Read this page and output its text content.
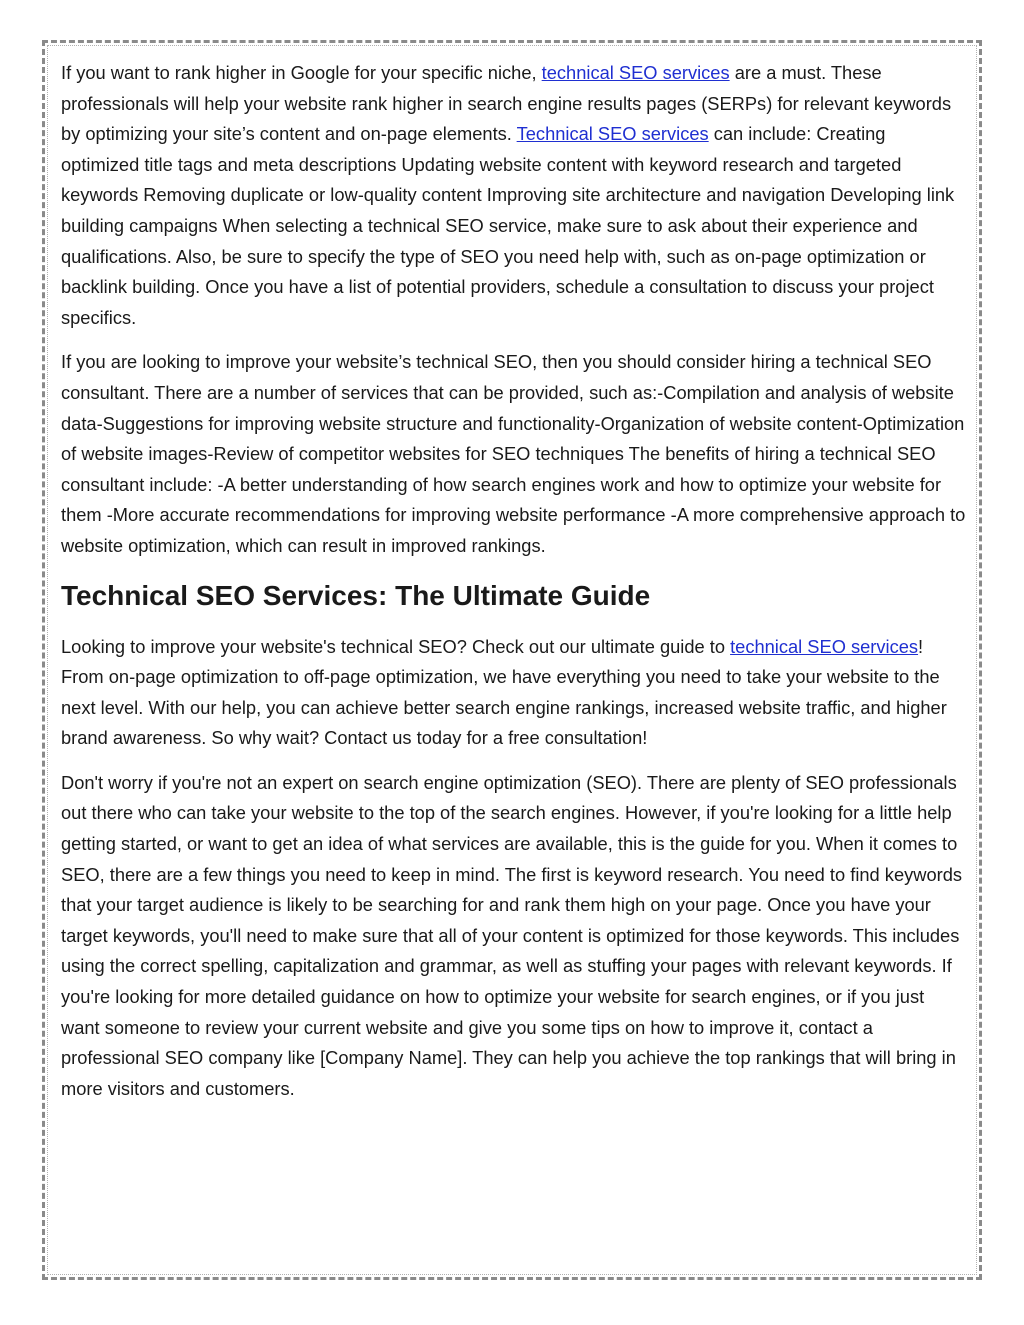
If you want to rank higher in Google for your specific niche, technical SEO services are a must. These professionals will help your website rank higher in search engine results pages (SERPs) for relevant keywords by optimizing your site’s content and on-page elements. Technical SEO services can include: Creating optimized title tags and meta descriptions Updating website content with keyword research and targeted keywords Removing duplicate or low-quality content Improving site architecture and navigation Developing link building campaigns When selecting a technical SEO service, make sure to ask about their experience and qualifications. Also, be sure to specify the type of SEO you need help with, such as on-page optimization or backlink building. Once you have a list of potential providers, schedule a consultation to discuss your project specifics.

If you are looking to improve your website’s technical SEO, then you should consider hiring a technical SEO consultant. There are a number of services that can be provided, such as:-Compilation and analysis of website data-Suggestions for improving website structure and functionality-Organization of website content-Optimization of website images-Review of competitor websites for SEO techniques The benefits of hiring a technical SEO consultant include: -A better understanding of how search engines work and how to optimize your website for them -More accurate recommendations for improving website performance -A more comprehensive approach to website optimization, which can result in improved rankings.

Technical SEO Services: The Ultimate Guide

Looking to improve your website's technical SEO? Check out our ultimate guide to technical SEO services! From on-page optimization to off-page optimization, we have everything you need to take your website to the next level. With our help, you can achieve better search engine rankings, increased website traffic, and higher brand awareness. So why wait? Contact us today for a free consultation!

Don't worry if you're not an expert on search engine optimization (SEO). There are plenty of SEO professionals out there who can take your website to the top of the search engines. However, if you're looking for a little help getting started, or want to get an idea of what services are available, this is the guide for you. When it comes to SEO, there are a few things you need to keep in mind. The first is keyword research. You need to find keywords that your target audience is likely to be searching for and rank them high on your page. Once you have your target keywords, you'll need to make sure that all of your content is optimized for those keywords. This includes using the correct spelling, capitalization and grammar, as well as stuffing your pages with relevant keywords. If you're looking for more detailed guidance on how to optimize your website for search engines, or if you just want someone to review your current website and give you some tips on how to improve it, contact a professional SEO company like [Company Name]. They can help you achieve the top rankings that will bring in more visitors and customers.
